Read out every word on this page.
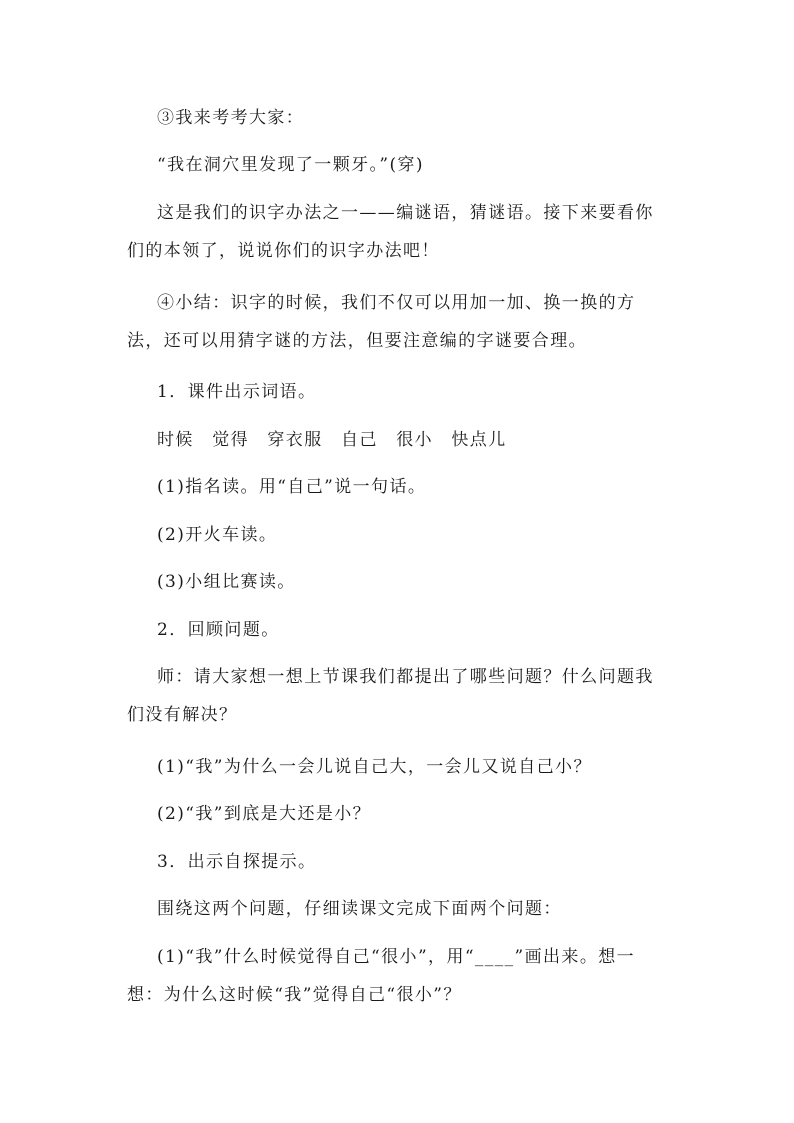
③我来考考大家：

“我在洞穴里发现了一颗牙。”(穿)

这是我们的识字办法之一——编谜语，猜谜语。接下来要看你们的本领了，说说你们的识字办法吧！

④小结：识字的时候，我们不仅可以用加一加、换一换的方法，还可以用猜字谜的方法，但要注意编的字谜要合理。

1．课件出示词语。

时候　觉得　穿衣服　自己　很小　快点儿

(1)指名读。用“自己”说一句话。

(2)开火车读。

(3)小组比赛读。

2．回顾问题。

师：请大家想一想上节课我们都提出了哪些问题？什么问题我们没有解决？

(1)“我”为什么一会儿说自己大，一会儿又说自己小？

(2)“我”到底是大还是小？

3．出示自探提示。

围绕这两个问题，仔细读课文完成下面两个问题：

(1)“我”什么时候觉得自己“很小”，用“____”画出来。想一想：为什么这时候“我”觉得自己“很小”？
